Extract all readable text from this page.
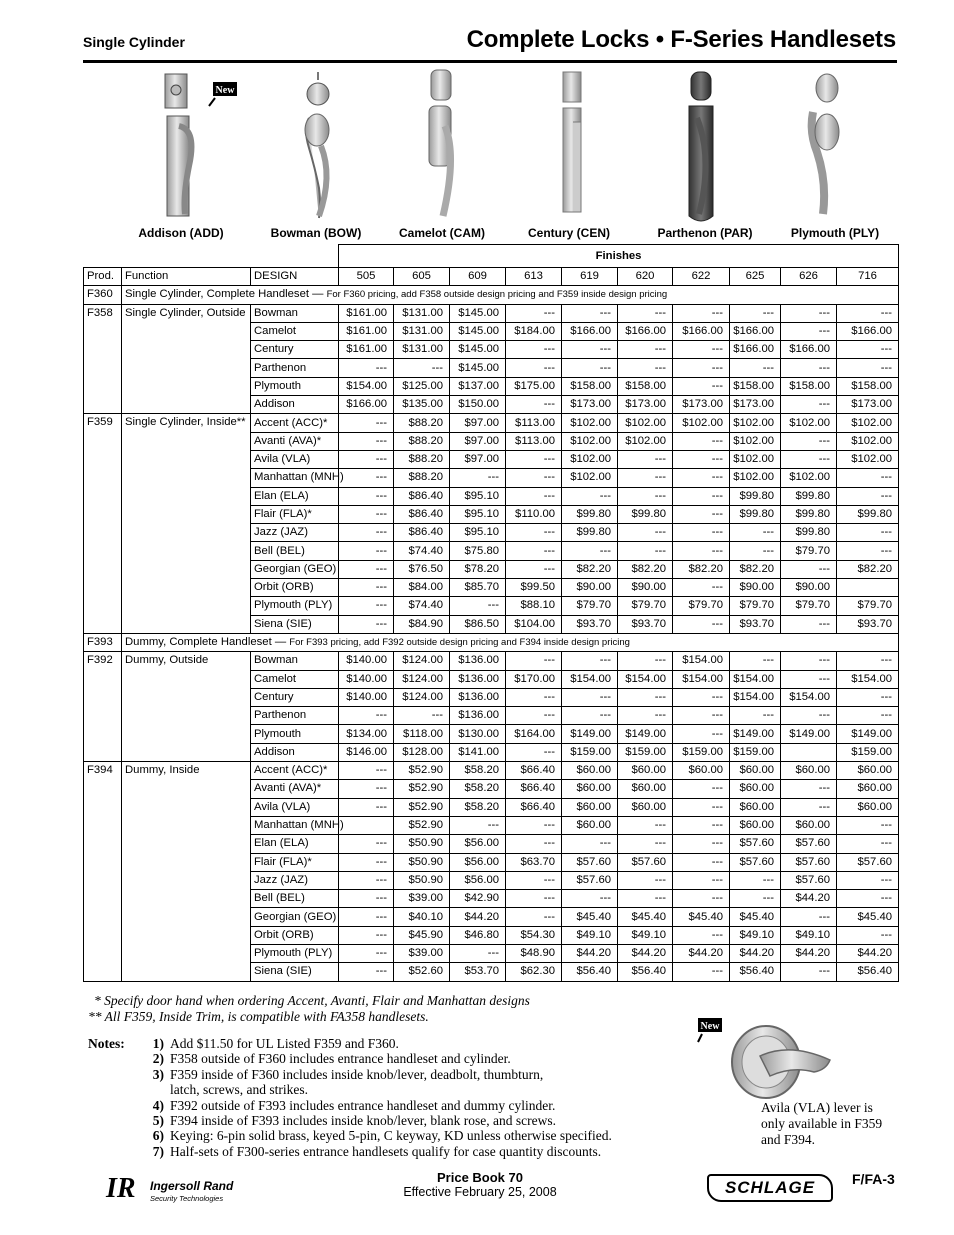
Single Cylinder	Complete Locks • F-Series Handlesets
New
Addison (ADD)	Bowman (BOW)	Camelot (CAM)	Century (CEN)	Parthenon (PAR)	Plymouth (PLY)
			Finishes									
Prod.	Function	DESIGN	505	605	609	613	619	620	622	625	626	716
F360	Single Cylinder, Complete Handleset — For F360 pricing, add F358 outside design pricing and F359 inside design pricing											
F358	Single Cylinder, Outside	Bowman	$161.00	$131.00	$145.00	---	---	---	---	---	---	---
		Camelot	$161.00	$131.00	$145.00	$184.00	$166.00	$166.00	$166.00	$166.00	---	$166.00
		Century	$161.00	$131.00	$145.00	---	---	---	---	$166.00	$166.00	---
		Parthenon	---	---	$145.00	---	---	---	---	---	---	---
		Plymouth	$154.00	$125.00	$137.00	$175.00	$158.00	$158.00	---	$158.00	$158.00	$158.00
		Addison	$166.00	$135.00	$150.00	---	$173.00	$173.00	$173.00	$173.00	---	$173.00
F359	Single Cylinder, Inside**	Accent (ACC)*	---	$88.20	$97.00	$113.00	$102.00	$102.00	$102.00	$102.00	$102.00	$102.00
		Avanti (AVA)*	---	$88.20	$97.00	$113.00	$102.00	$102.00	---	$102.00	---	$102.00
		Avila (VLA)	---	$88.20	$97.00	---	$102.00	---	---	$102.00	---	$102.00
		Manhattan (MNH)	---	$88.20	---	---	$102.00	---	---	$102.00	$102.00	---
		Elan (ELA)	---	$86.40	$95.10	---	---	---	---	$99.80	$99.80	---
		Flair (FLA)*	---	$86.40	$95.10	$110.00	$99.80	$99.80	---	$99.80	$99.80	$99.80
		Jazz (JAZ)	---	$86.40	$95.10	---	$99.80	---	---	---	$99.80	---
		Bell (BEL)	---	$74.40	$75.80	---	---	---	---	---	$79.70	---
		Georgian (GEO)	---	$76.50	$78.20	---	$82.20	$82.20	$82.20	$82.20	---	$82.20
		Orbit (ORB)	---	$84.00	$85.70	$99.50	$90.00	$90.00	---	$90.00	$90.00	
		Plymouth (PLY)	---	$74.40	---	$88.10	$79.70	$79.70	$79.70	$79.70	$79.70	$79.70
		Siena (SIE)	---	$84.90	$86.50	$104.00	$93.70	$93.70	---	$93.70	---	$93.70
F393	Dummy, Complete Handleset — For F393 pricing, add F392 outside design pricing and F394 inside design pricing											
F392	Dummy, Outside	Bowman	$140.00	$124.00	$136.00	---	---	---	$154.00	---	---	---
		Camelot	$140.00	$124.00	$136.00	$170.00	$154.00	$154.00	$154.00	$154.00	---	$154.00
		Century	$140.00	$124.00	$136.00	---	---	---	---	$154.00	$154.00	---
		Parthenon	---	---	$136.00	---	---	---	---	---	---	---
		Plymouth	$134.00	$118.00	$130.00	$164.00	$149.00	$149.00	---	$149.00	$149.00	$149.00
		Addison	$146.00	$128.00	$141.00	---	$159.00	$159.00	$159.00	$159.00		$159.00
F394	Dummy, Inside	Accent (ACC)*	---	$52.90	$58.20	$66.40	$60.00	$60.00	$60.00	$60.00	$60.00	$60.00
		Avanti (AVA)*	---	$52.90	$58.20	$66.40	$60.00	$60.00	---	$60.00	---	$60.00
		Avila (VLA)	---	$52.90	$58.20	$66.40	$60.00	$60.00	---	$60.00	---	$60.00
		Manhattan (MNH)		$52.90	---	---	$60.00	---	---	$60.00	$60.00	---
		Elan (ELA)	---	$50.90	$56.00	---	---	---	---	$57.60	$57.60	---
		Flair (FLA)*	---	$50.90	$56.00	$63.70	$57.60	$57.60	---	$57.60	$57.60	$57.60
		Jazz (JAZ)	---	$50.90	$56.00	---	$57.60	---	---	---	$57.60	---
		Bell (BEL)	---	$39.00	$42.90	---	---	---	---	---	$44.20	---
		Georgian (GEO)	---	$40.10	$44.20	---	$45.40	$45.40	$45.40	$45.40	---	$45.40
		Orbit (ORB)	---	$45.90	$46.80	$54.30	$49.10	$49.10	---	$49.10	$49.10	---
		Plymouth (PLY)	---	$39.00	---	$48.90	$44.20	$44.20	$44.20	$44.20	$44.20	$44.20
		Siena (SIE)	---	$52.60	$53.70	$62.30	$56.40	$56.40	---	$56.40	---	$56.40
* Specify door hand when ordering Accent, Avanti, Flair and Manhattan designs
** All F359, Inside Trim, is compatible with FA358 handlesets.
Notes:	1) Add $11.50 for UL Listed F359 and F360.
2) F358 outside of F360 includes entrance handleset and cylinder.
3) F359 inside of F360 includes inside knob/lever, deadbolt, thumbturn,
latch, screws, and strikes.
4) F392 outside of F393 includes entrance handleset and dummy cylinder.
5) F394 inside of F393 includes inside knob/lever, blank rose, and screws.
6) Keying: 6-pin solid brass, keyed 5-pin, C keyway, KD unless otherwise specified.
7) Half-sets of F300-series entrance handlesets qualify for case quantity discounts.
New
Avila (VLA) lever is
only available in F359
and F394.
IR Ingersoll Rand
Security Technologies
Price Book 70
Effective February 25, 2008	SCHLAGE	F/FA-3
